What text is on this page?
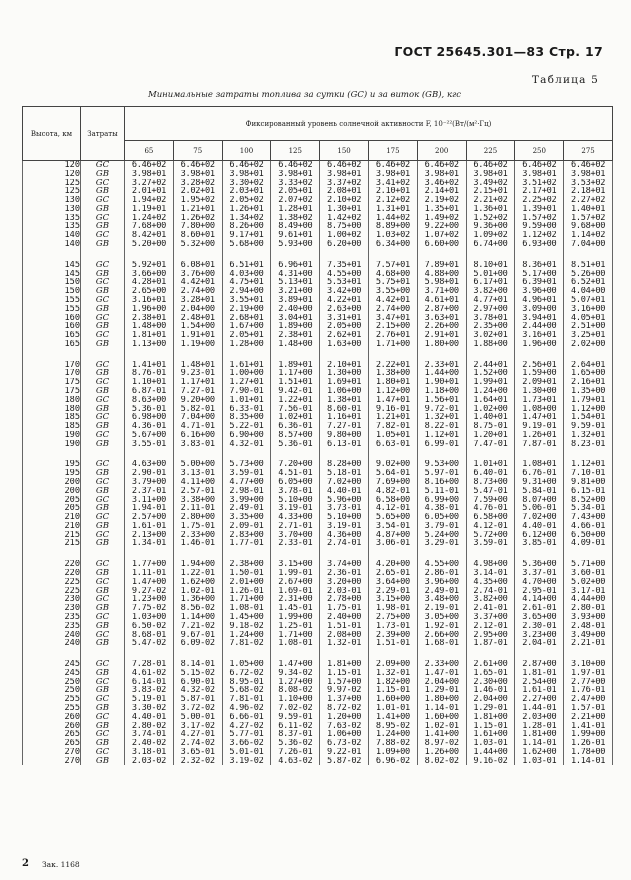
ГОСТ 25645.301—83 Стр. 17
Таблица 5
Минимальные затраты топлива за сутки (GC) и за виток (GB), кгс
Высота, км	Затраты	Фиксированный уровень солнечной активности F, 10⁻²²(Вт/(м²·Гц)									
		65	75	100	125	150	175	200	225	250	275
120	GC	6.46+02	6.46+02	6.46+02	6.46+02	6.46+02	6.46+02	6.46+02	6.46+02	6.46+02	6.46+02
120	GB	3.98+01	3.98+01	3.98+01	3.98+01	3.98+01	3.98+01	3.98+01	3.98+01	3.98+01	3.98+01
125	GC	3.27+02	3.28+02	3.30+02	3.33+02	3.37+02	3.41+02	3.46+02	3.49+02	3.51+02	3.53+02
125	GB	2.01+01	2.02+01	2.03+01	2.05+01	2.08+01	2.10+01	2.14+01	2.15+01	2.17+01	2.18+01
130	GC	1.94+02	1.95+02	2.05+02	2.07+02	2.10+02	2.12+02	2.19+02	2.21+02	2.25+02	2.27+02
130	GB	1.19+01	1.21+01	1.26+01	1.28+01	1.30+01	1.31+01	1.35+01	1.36+01	1.39+01	1.40+01
135	GC	1.24+02	1.26+02	1.34+02	1.38+02	1.42+02	1.44+02	1.49+02	1.52+02	1.57+02	1.57+02
135	GB	7.68+00	7.80+00	8.26+00	8.49+00	8.75+00	8.89+00	9.22+00	9.36+00	9.59+00	9.68+00
140	GC	8.42+01	8.60+01	9.17+01	9.61+01	1.00+02	1.03+02	1.07+02	1.09+02	1.12+02	1.14+02
140	GB	5.20+00	5.32+00	5.68+00	5.93+00	6.20+00	6.34+00	6.60+00	6.74+00	6.93+00	7.04+00

145	GC	5.92+01	6.08+01	6.51+01	6.96+01	7.35+01	7.57+01	7.89+01	8.10+01	8.36+01	8.51+01
145	GB	3.66+00	3.76+00	4.03+00	4.31+00	4.55+00	4.68+00	4.88+00	5.01+00	5.17+00	5.26+00
150	GC	4.28+01	4.42+01	4.75+01	5.13+01	5.53+01	5.75+01	5.98+01	6.17+01	6.39+01	6.52+01
150	GB	2.65+00	2.74+00	2.94+00	3.21+00	3.42+00	3.55+00	3.71+00	3.82+00	3.96+00	4.04+00
155	GC	3.16+01	3.28+01	3.55+01	3.89+01	4.22+01	4.42+01	4.61+01	4.77+01	4.96+01	5.07+01
155	GB	1.96+00	2.04+00	2.19+00	2.40+00	2.63+00	2.74+00	2.87+00	2.97+00	3.09+00	3.16+00
160	GC	2.38+01	2.48+01	2.68+01	3.04+01	3.31+01	3.47+01	3.63+01	3.78+01	3.94+01	4.05+01
160	GB	1.48+00	1.54+00	1.67+00	1.89+00	2.05+00	2.15+00	2.26+00	2.35+00	2.44+00	2.51+00
165	GC	1.81+01	1.91+01	2.05+01	2.38+01	2.62+01	2.76+01	2.91+01	3.02+01	3.16+01	3.25+01
165	GB	1.13+00	1.19+00	1.28+00	1.48+00	1.63+00	1.71+00	1.80+00	1.88+00	1.96+00	2.02+00

170	GC	1.41+01	1.48+01	1.61+01	1.89+01	2.10+01	2.22+01	2.33+01	2.44+01	2.56+01	2.64+01
170	GB	8.76-01	9.23-01	1.00+00	1.17+00	1.30+00	1.38+00	1.44+00	1.52+00	1.59+00	1.65+00
175	GC	1.10+01	1.17+01	1.27+01	1.51+01	1.69+01	1.80+01	1.90+01	1.99+01	2.09+01	2.16+01
175	GB	6.87-01	7.27-01	7.90-01	9.42-01	1.06+00	1.12+00	1.18+00	1.24+00	1.30+00	1.35+00
180	GC	8.63+00	9.20+00	1.01+01	1.22+01	1.38+01	1.47+01	1.56+01	1.64+01	1.73+01	1.79+01
180	GB	5.36-01	5.82-01	6.33-01	7.56-01	8.60-01	9.16-01	9.72-01	1.02+00	1.08+00	1.12+00
185	GC	6.98+00	7.04+00	8.35+00	1.02+01	1.16+01	1.21+01	1.32+01	1.40+01	1.47+01	1.54+01
185	GB	4.36-01	4.71-01	5.22-01	6.36-01	7.27-01	7.82-01	8.22-01	8.75-01	9.19-01	9.59-01
190	GC	5.67+00	6.16+00	6.90+00	8.57+00	9.80+00	1.05+01	1.12+01	1.20+01	1.26+01	1.32+01
190	GB	3.55-01	3.83-01	4.32-01	5.36-01	6.13-01	6.63-01	6.99-01	7.47-01	7.87-01	8.23-01

195	GC	4.63+00	5.00+00	5.73+00	7.20+00	8.28+00	9.02+00	9.53+00	1.01+01	1.08+01	1.12+01
195	GB	2.90-01	3.13-01	3.59-01	4.51-01	5.18-01	5.64-01	5.97-01	6.40-01	6.76-01	7.10-01
200	GC	3.79+00	4.11+00	4.77+00	6.05+00	7.02+00	7.69+00	8.16+00	8.73+00	9.31+00	9.81+00
200	GB	2.37-01	2.57-01	2.98-01	3.78-01	4.40-01	4.82-01	5.11-01	5.47-01	5.84-01	6.15-01
205	GC	3.11+00	3.38+00	3.99+00	5.10+00	5.96+00	6.58+00	6.99+00	7.59+00	8.07+00	8.52+00
205	GB	1.94-01	2.11-01	2.49-01	3.19-01	3.73-01	4.12-01	4.38-01	4.76-01	5.06-01	5.34-01
210	GC	2.57+00	2.80+00	3.35+00	4.33+00	5.10+00	5.65+00	6.05+00	6.58+00	7.02+00	7.43+00
210	GB	1.61-01	1.75-01	2.09-01	2.71-01	3.19-01	3.54-01	3.79-01	4.12-01	4.40-01	4.66-01
215	GC	2.13+00	2.33+00	2.83+00	3.70+00	4.36+00	4.87+00	5.24+00	5.72+00	6.12+00	6.50+00
215	GB	1.34-01	1.46-01	1.77-01	2.33-01	2.74-01	3.06-01	3.29-01	3.59-01	3.85-01	4.09-01

220	GC	1.77+00	1.94+00	2.38+00	3.15+00	3.74+00	4.20+00	4.55+00	4.98+00	5.36+00	5.71+00
220	GB	1.11-01	1.22-01	1.50-01	1.99-01	2.36-01	2.65-01	2.86-01	3.14-01	3.37-01	3.60-01
225	GC	1.47+00	1.62+00	2.01+00	2.67+00	3.20+00	3.64+00	3.96+00	4.35+00	4.70+00	5.02+00
225	GB	9.27-02	1.02-01	1.26-01	1.69-01	2.03-01	2.29-01	2.49-01	2.74-01	2.95-01	3.17-01
230	GC	1.23+00	1.36+00	1.71+00	2.31+00	2.78+00	3.15+00	3.48+00	3.82+00	4.14+00	4.44+00
230	GB	7.75-02	8.56-02	1.08-01	1.45-01	1.75-01	1.98-01	2.19-01	2.41-01	2.61-01	2.80-01
235	GC	1.03+00	1.14+00	1.45+00	1.99+00	2.40+00	2.75+00	3.05+00	3.37+00	3.65+00	3.93+00
235	GB	6.50-02	7.21-02	9.18-02	1.25-01	1.51-01	1.73-01	1.92-01	2.12-01	2.30-01	2.48-01
240	GC	8.68-01	9.67-01	1.24+00	1.71+00	2.08+00	2.39+00	2.66+00	2.95+00	3.23+00	3.49+00
240	GB	5.47-02	6.09-02	7.81-02	1.08-01	1.32-01	1.51-01	1.68-01	1.87-01	2.04-01	2.21-01

245	GC	7.28-01	8.14-01	1.05+00	1.47+00	1.81+00	2.09+00	2.33+00	2.61+00	2.87+00	3.10+00
245	GB	4.61-02	5.15-02	6.72-02	9.34-02	1.15-01	1.32-01	1.47-01	1.65-01	1.81-01	1.97-01
250	GC	6.14-01	6.90-01	8.95-01	1.27+00	1.57+00	1.82+00	2.04+00	2.30+00	2.54+00	2.77+00
250	GB	3.83-02	4.32-02	5.68-02	8.08-02	9.97-02	1.15-01	1.29-01	1.46-01	1.61-01	1.76-01
255	GC	5.19-01	5.87-01	7.81-01	1.10+00	1.37+00	1.60+00	1.80+00	2.04+00	2.27+00	2.47+00
255	GB	3.30-02	3.72-02	4.96-02	7.02-02	8.72-02	1.01-01	1.14-01	1.29-01	1.44-01	1.57-01
260	GC	4.40-01	5.00-01	6.66-01	9.59-01	1.20+00	1.41+00	1.60+00	1.81+00	2.03+00	2.21+00
260	GB	2.80-02	3.17-02	4.27-02	6.11-02	7.63-02	8.95-02	1.02-01	1.15-01	1.28-01	1.41-01
265	GC	3.74-01	4.27-01	5.77-01	8.37-01	1.06+00	1.24+00	1.41+00	1.61+00	1.81+00	1.99+00
265	GB	2.40-02	2.74-02	3.66-02	5.36-02	6.73-02	7.88-02	8.97-02	1.03-01	1.14-01	1.26-01
270	GC	3.18-01	3.65-01	5.01-01	7.26-01	9.22-01	1.09+00	1.26+00	1.44+00	1.62+00	1.78+00
270	GB	2.03-02	2.32-02	3.19-02	4.63-02	5.87-02	6.96-02	8.02-02	9.16-02	1.03-01	1.14-01
2 Зак. 1168
